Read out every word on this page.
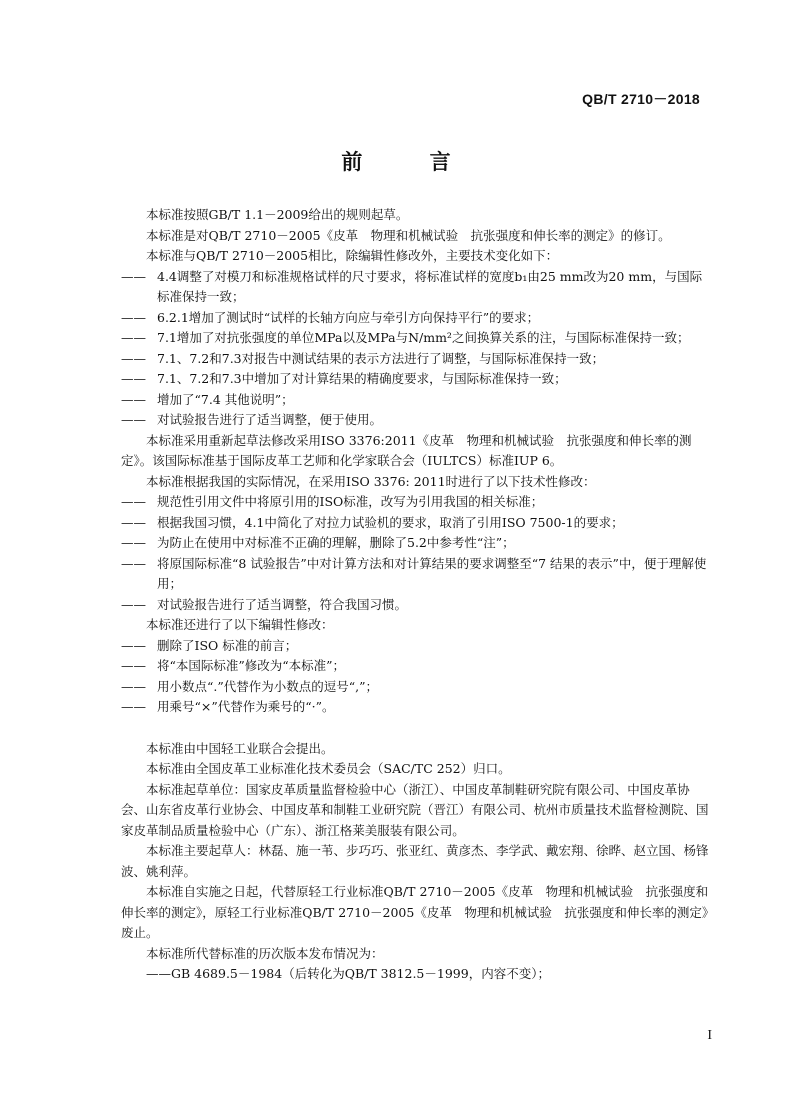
QB/T 2710－2018
前 言

本标准按照GB/T 1.1－2009给出的规则起草。

本标准是对QB/T 2710－2005《皮革　物理和机械试验　抗张强度和伸长率的测定》的修订。

本标准与QB/T 2710－2005相比，除编辑性修改外，主要技术变化如下：

—— 4.4调整了对模刀和标准规格试样的尺寸要求，将标准试样的宽度b₁由25 mm改为20 mm，与国际标准保持一致；

—— 6.2.1增加了测试时“试样的长轴方向应与牵引方向保持平行”的要求；

—— 7.1增加了对抗张强度的单位MPa以及MPa与N/mm²之间换算关系的注，与国际标准保持一致；

—— 7.1、7.2和7.3对报告中测试结果的表示方法进行了调整，与国际标准保持一致；

—— 7.1、7.2和7.3中增加了对计算结果的精确度要求，与国际标准保持一致；

—— 增加了“7.4 其他说明”；

—— 对试验报告进行了适当调整，便于使用。

本标准采用重新起草法修改采用ISO 3376:2011《皮革　物理和机械试验　抗张强度和伸长率的测定》。该国际标准基于国际皮革工艺师和化学家联合会（IULTCS）标准IUP 6。

本标准根据我国的实际情况，在采用ISO 3376: 2011时进行了以下技术性修改：

—— 规范性引用文件中将原引用的ISO标准，改写为引用我国的相关标准；

—— 根据我国习惯，4.1中简化了对拉力试验机的要求，取消了引用ISO 7500-1的要求；

—— 为防止在使用中对标准不正确的理解，删除了5.2中参考性“注”；

—— 将原国际标准“8 试验报告”中对计算方法和对计算结果的要求调整至“7 结果的表示”中，便于理解使用；

—— 对试验报告进行了适当调整，符合我国习惯。

本标准还进行了以下编辑性修改：

—— 删除了ISO 标准的前言；

—— 将“本国际标准”修改为“本标准”；

—— 用小数点“.”代替作为小数点的逗号“,”；

—— 用乘号“×”代替作为乘号的“·”。

本标准由中国轻工业联合会提出。

本标准由全国皮革工业标准化技术委员会（SAC/TC 252）归口。

本标准起草单位：国家皮革质量监督检验中心（浙江）、中国皮革制鞋研究院有限公司、中国皮革协会、山东省皮革行业协会、中国皮革和制鞋工业研究院（晋江）有限公司、杭州市质量技术监督检测院、国家皮革制品质量检验中心（广东）、浙江格莱美服装有限公司。

本标准主要起草人：林磊、施一苇、步巧巧、张亚红、黄彦杰、李学武、戴宏翔、徐晔、赵立国、杨锋波、姚利萍。

本标准自实施之日起，代替原轻工行业标准QB/T 2710－2005《皮革　物理和机械试验　抗张强度和伸长率的测定》，原轻工行业标准QB/T 2710－2005《皮革　物理和机械试验　抗张强度和伸长率的测定》废止。

本标准所代替标准的历次版本发布情况为：

——GB 4689.5－1984（后转化为QB/T 3812.5－1999，内容不变）；

I
